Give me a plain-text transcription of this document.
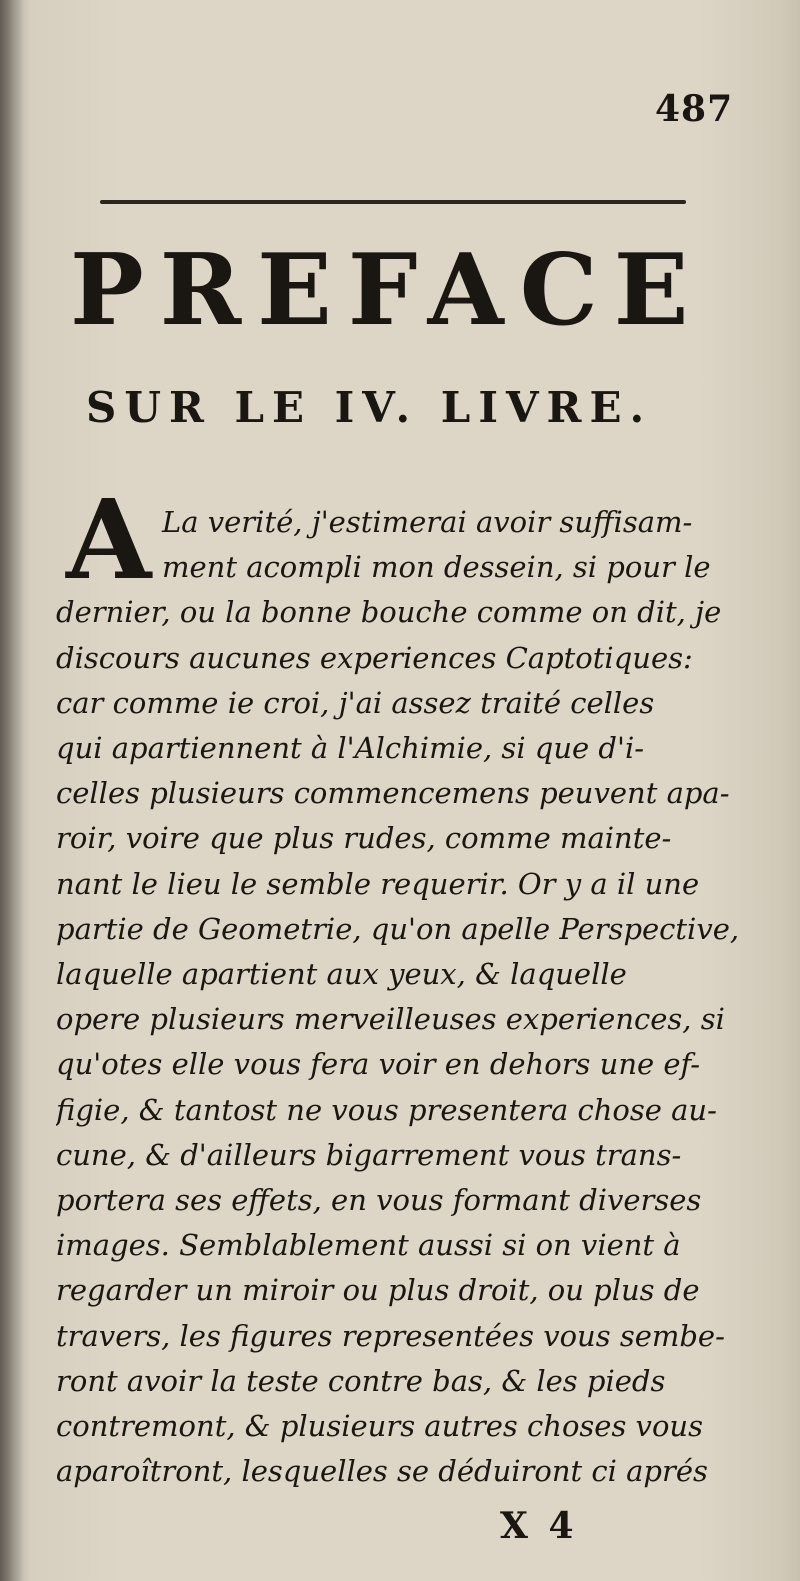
487
PREFACE
SUR LE IV. LIVRE.
A La verité, j'estimerai avoir suffisam-
ment acompli mon dessein, si pour le
dernier, ou la bonne bouche comme on dit, je
discours aucunes experiences Captotiques:
car comme ie croi, j'ai assez traité celles
qui apartiennent à l'Alchimie, si que d'i-
celles plusieurs commencemens peuvent apa-
roir, voire que plus rudes, comme mainte-
nant le lieu le semble requerir. Or y a il une
partie de Geometrie, qu'on apelle Perspective,
laquelle apartient aux yeux, & laquelle
opere plusieurs merveilleuses experiences, si
qu'otes elle vous fera voir en dehors une ef-
figie, & tantost ne vous presentera chose au-
cune, & d'ailleurs bigarrement vous trans-
portera ses effets, en vous formant diverses
images. Semblablement aussi si on vient à
regarder un miroir ou plus droit, ou plus de
travers, les figures representées vous sembe-
ront avoir la teste contre bas, & les pieds
contremont, & plusieurs autres choses vous
aparoîtront, lesquelles se déduiront ci aprés
X 4
